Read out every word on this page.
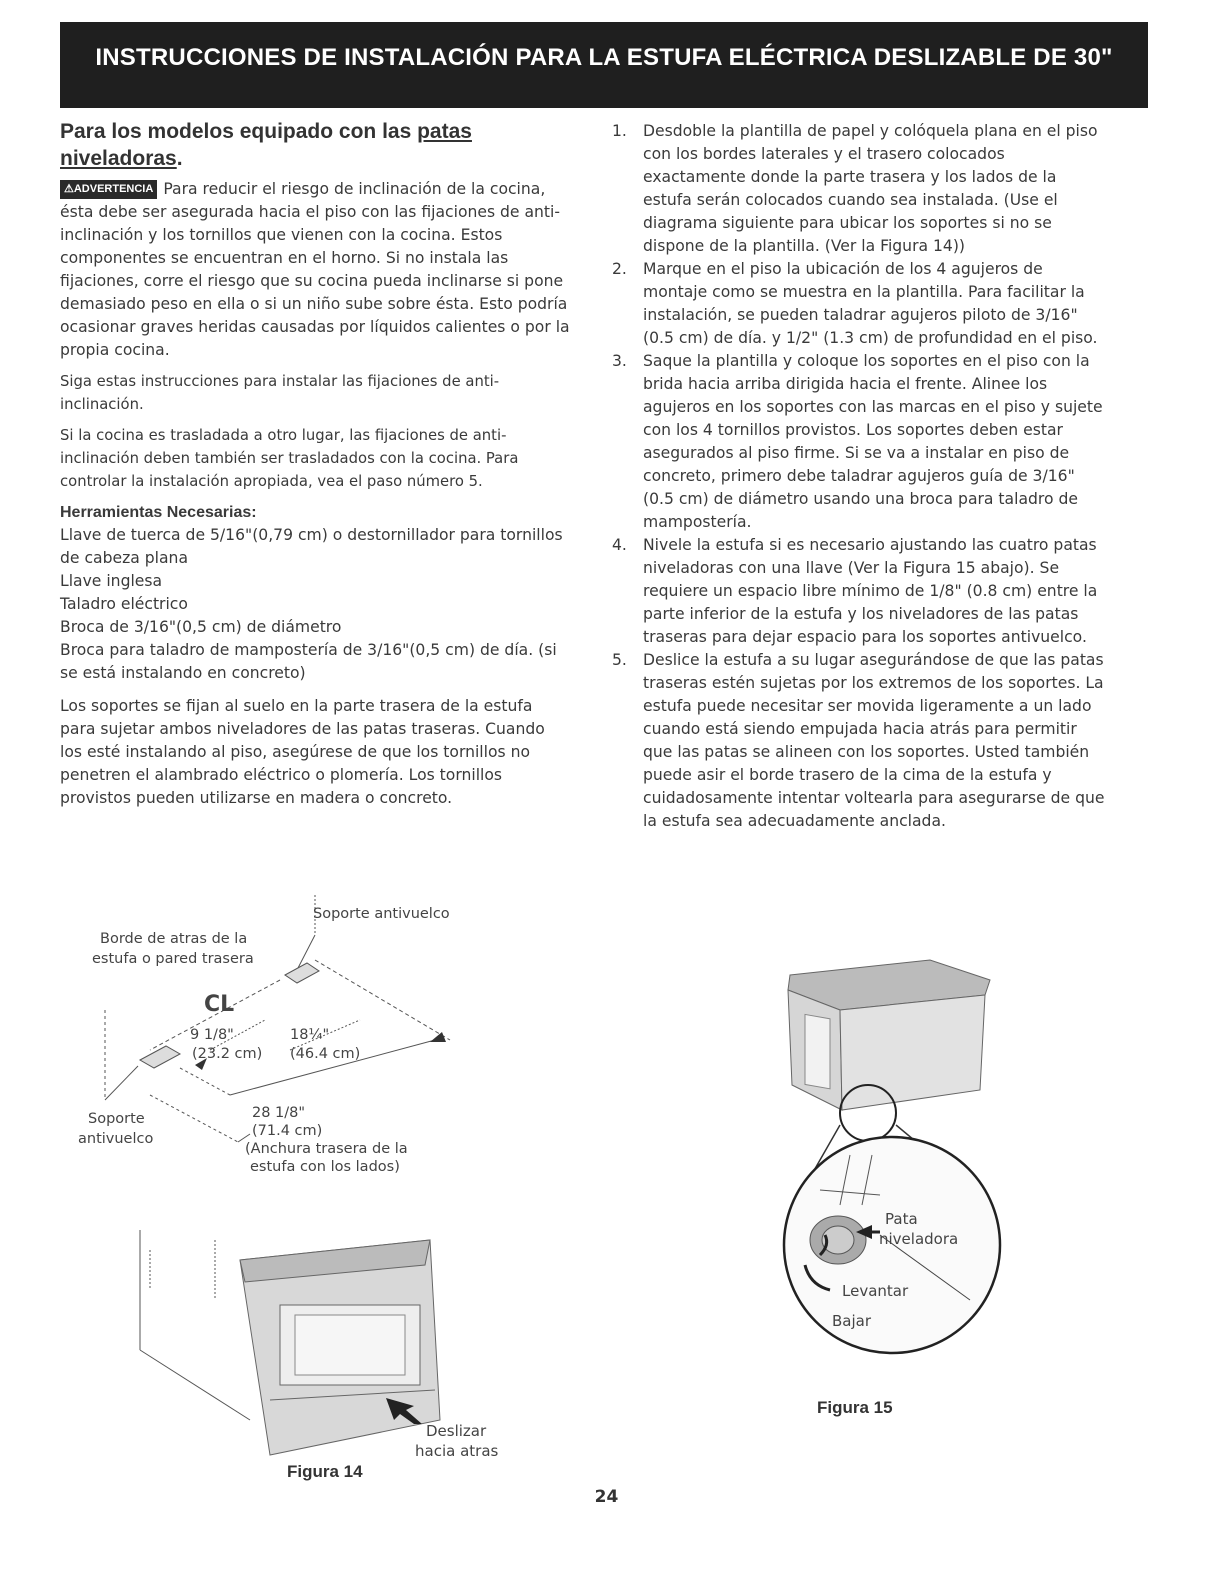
INSTRUCCIONES DE INSTALACIÓN PARA LA ESTUFA ELÉCTRICA DESLIZABLE DE 30"
Para los modelos equipado con las patas niveladoras.

⚠ADVERTENCIA Para reducir el riesgo de inclinación de la cocina, ésta debe ser asegurada hacia el piso con las fijaciones de anti-inclinación y los tornillos que vienen con la cocina. Estos componentes se encuentran en el horno. Si no instala las fijaciones, corre el riesgo que su cocina pueda inclinarse si pone demasiado peso en ella o si un niño sube sobre ésta. Esto podría ocasionar graves heridas causadas por líquidos calientes o por la propia cocina.

Siga estas instrucciones para instalar las fijaciones de anti-inclinación.

Si la cocina es trasladada a otro lugar, las fijaciones de anti-inclinación deben también ser trasladados con la cocina. Para controlar la instalación apropiada, vea el paso número 5.

Herramientas Necesarias:

Llave de tuerca de 5/16"(0,79 cm) o destornillador para tornillos de cabeza plana

Llave inglesa

Taladro eléctrico

Broca de 3/16"(0,5 cm) de diámetro

Broca para taladro de mampostería de 3/16"(0,5 cm) de día. (si se está instalando en concreto)

Los soportes se fijan al suelo en la parte trasera de la estufa para sujetar ambos niveladores de las patas traseras. Cuando los esté instalando al piso, asegúrese de que los tornillos no penetren el alambrado eléctrico o plomería. Los tornillos provistos pueden utilizarse en madera o concreto.

Soporte antivuelco
Borde de atras de la
estufa o pared trasera
CL
9 1/8"
(23.2 cm)
18¼"
(46.4 cm)
Soporte
antivuelco
28 1/8"
(71.4 cm)
(Anchura trasera de la
estufa con los lados)
Deslizar
hacia atras
Figura 14
1. Desdoble la plantilla de papel y colóquela plana en el piso con los bordes laterales y el trasero colocados exactamente donde la parte trasera y los lados de la estufa serán colocados cuando sea instalada. (Use el diagrama siguiente para ubicar los soportes si no se dispone de la plantilla. (Ver la Figura 14))
2. Marque en el piso la ubicación de los 4 agujeros de montaje como se muestra en la plantilla. Para facilitar la instalación, se pueden taladrar agujeros piloto de 3/16" (0.5 cm) de día. y 1/2" (1.3 cm) de profundidad en el piso.
3. Saque la plantilla y coloque los soportes en el piso con la brida hacia arriba dirigida hacia el frente. Alinee los agujeros en los soportes con las marcas en el piso y sujete con los 4 tornillos provistos. Los soportes deben estar asegurados al piso firme. Si se va a instalar en piso de concreto, primero debe taladrar agujeros guía de 3/16" (0.5 cm) de diámetro usando una broca para taladro de mampostería.
4. Nivele la estufa si es necesario ajustando las cuatro patas niveladoras con una llave (Ver la Figura 15 abajo). Se requiere un espacio libre mínimo de 1/8" (0.8 cm) entre la parte inferior de la estufa y los niveladores de las patas traseras para dejar espacio para los soportes antivuelco.
5. Deslice la estufa a su lugar asegurándose de que las patas traseras estén sujetas por los extremos de los soportes. La estufa puede necesitar ser movida ligeramente a un lado cuando está siendo empujada hacia atrás para permitir que las patas se alineen con los soportes. Usted también puede asir el borde trasero de la cima de la estufa y cuidadosamente intentar voltearla para asegurarse de que la estufa sea adecuadamente anclada.
Pata
niveladora
Levantar
Bajar
Figura 15
24
